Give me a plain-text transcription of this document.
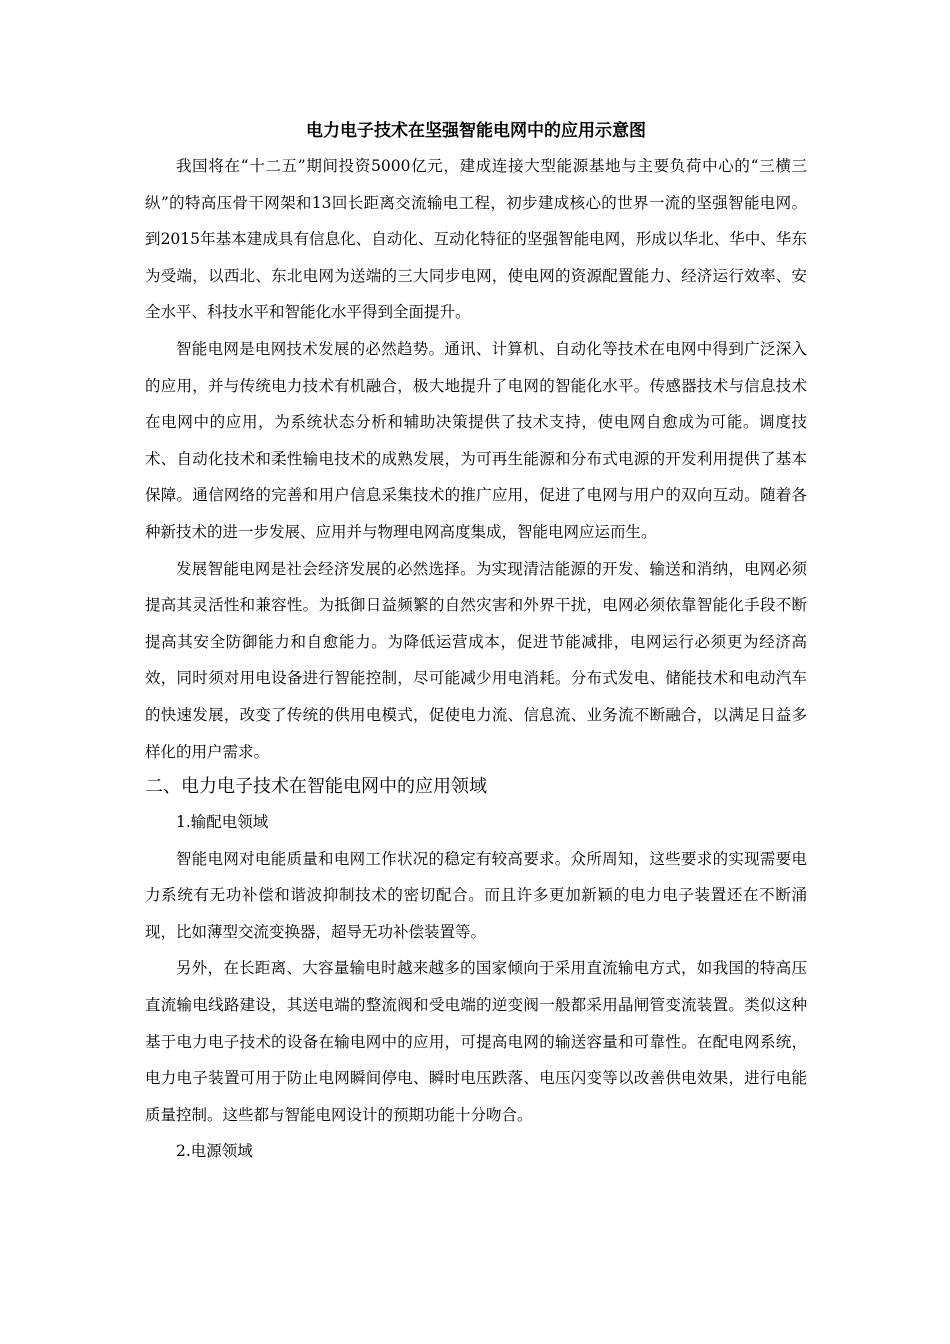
电力电子技术在坚强智能电网中的应用示意图

我国将在“十二五”期间投资5000亿元，建成连接大型能源基地与主要负荷中心的“三横三纵”的特高压骨干网架和13回长距离交流输电工程，初步建成核心的世界一流的坚强智能电网。到2015年基本建成具有信息化、自动化、互动化特征的坚强智能电网，形成以华北、华中、华东为受端，以西北、东北电网为送端的三大同步电网，使电网的资源配置能力、经济运行效率、安全水平、科技水平和智能化水平得到全面提升。

智能电网是电网技术发展的必然趋势。通讯、计算机、自动化等技术在电网中得到广泛深入的应用，并与传统电力技术有机融合，极大地提升了电网的智能化水平。传感器技术与信息技术在电网中的应用，为系统状态分析和辅助决策提供了技术支持，使电网自愈成为可能。调度技术、自动化技术和柔性输电技术的成熟发展，为可再生能源和分布式电源的开发利用提供了基本保障。通信网络的完善和用户信息采集技术的推广应用，促进了电网与用户的双向互动。随着各种新技术的进一步发展、应用并与物理电网高度集成，智能电网应运而生。

发展智能电网是社会经济发展的必然选择。为实现清洁能源的开发、输送和消纳，电网必须提高其灵活性和兼容性。为抵御日益频繁的自然灾害和外界干扰，电网必须依靠智能化手段不断提高其安全防御能力和自愈能力。为降低运营成本，促进节能减排，电网运行必须更为经济高效，同时须对用电设备进行智能控制，尽可能减少用电消耗。分布式发电、储能技术和电动汽车的快速发展，改变了传统的供用电模式，促使电力流、信息流、业务流不断融合，以满足日益多样化的用户需求。

二、电力电子技术在智能电网中的应用领域
1.输配电领域

智能电网对电能质量和电网工作状况的稳定有较高要求。众所周知，这些要求的实现需要电力系统有无功补偿和谐波抑制技术的密切配合。而且许多更加新颖的电力电子装置还在不断涌现，比如薄型交流变换器，超导无功补偿装置等。

另外，在长距离、大容量输电时越来越多的国家倾向于采用直流输电方式，如我国的特高压直流输电线路建设，其送电端的整流阀和受电端的逆变阀一般都采用晶闸管变流装置。类似这种基于电力电子技术的设备在输电网中的应用，可提高电网的输送容量和可靠性。在配电网系统，电力电子装置可用于防止电网瞬间停电、瞬时电压跌落、电压闪变等以改善供电效果，进行电能质量控制。这些都与智能电网设计的预期功能十分吻合。

2.电源领域
